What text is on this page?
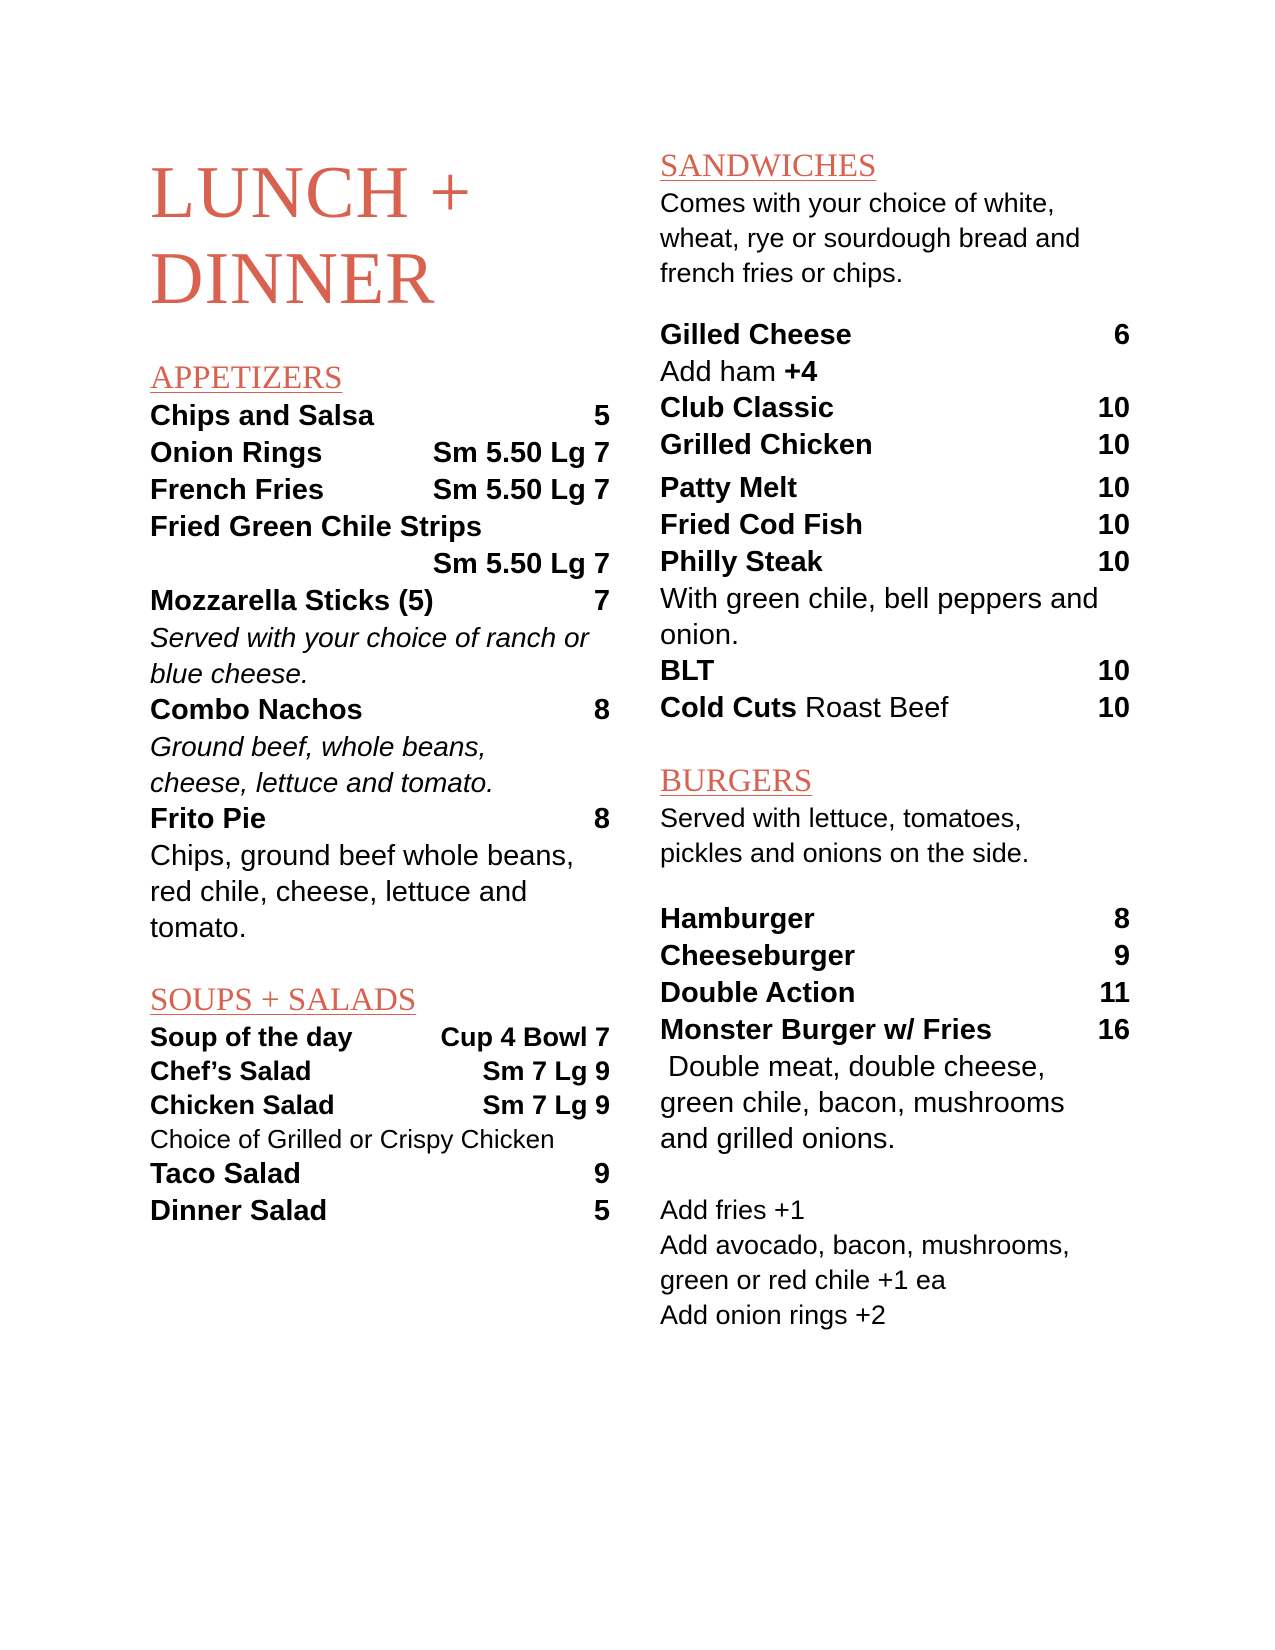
LUNCH +
DINNER
APPETIZERS
Chips and Salsa	5
Onion Rings	Sm 5.50 Lg 7
French Fries	Sm 5.50 Lg 7
Fried Green Chile Strips
Sm 5.50 Lg 7
Mozzarella Sticks (5)	7
Served with your choice of ranch or blue cheese.
Combo Nachos	8
Ground beef, whole beans, cheese, lettuce and tomato.
Frito Pie	8
Chips, ground beef whole beans, red chile, cheese, lettuce and tomato.
SOUPS + SALADS
Soup of the day	Cup 4 Bowl 7
Chef’s Salad	Sm 7 Lg 9
Chicken Salad	Sm 7 Lg 9
Choice of Grilled or Crispy Chicken
Taco Salad	9
Dinner Salad	5
SANDWICHES
Comes with your choice of white, wheat, rye or sourdough bread and french fries or chips.
Gilled Cheese	6
Add ham +4
Club Classic	10
Grilled Chicken	10
Patty Melt	10
Fried Cod Fish	10
Philly Steak	10
With green chile, bell peppers and onion.
BLT	10
Cold Cuts Roast Beef	10
BURGERS
Served with lettuce, tomatoes, pickles and onions on the side.
Hamburger	8
Cheeseburger	9
Double Action	11
Monster Burger w/ Fries	16
Double meat, double cheese, green chile, bacon, mushrooms and grilled onions.
Add fries +1
Add avocado, bacon, mushrooms, green or red chile +1 ea
Add onion rings +2
